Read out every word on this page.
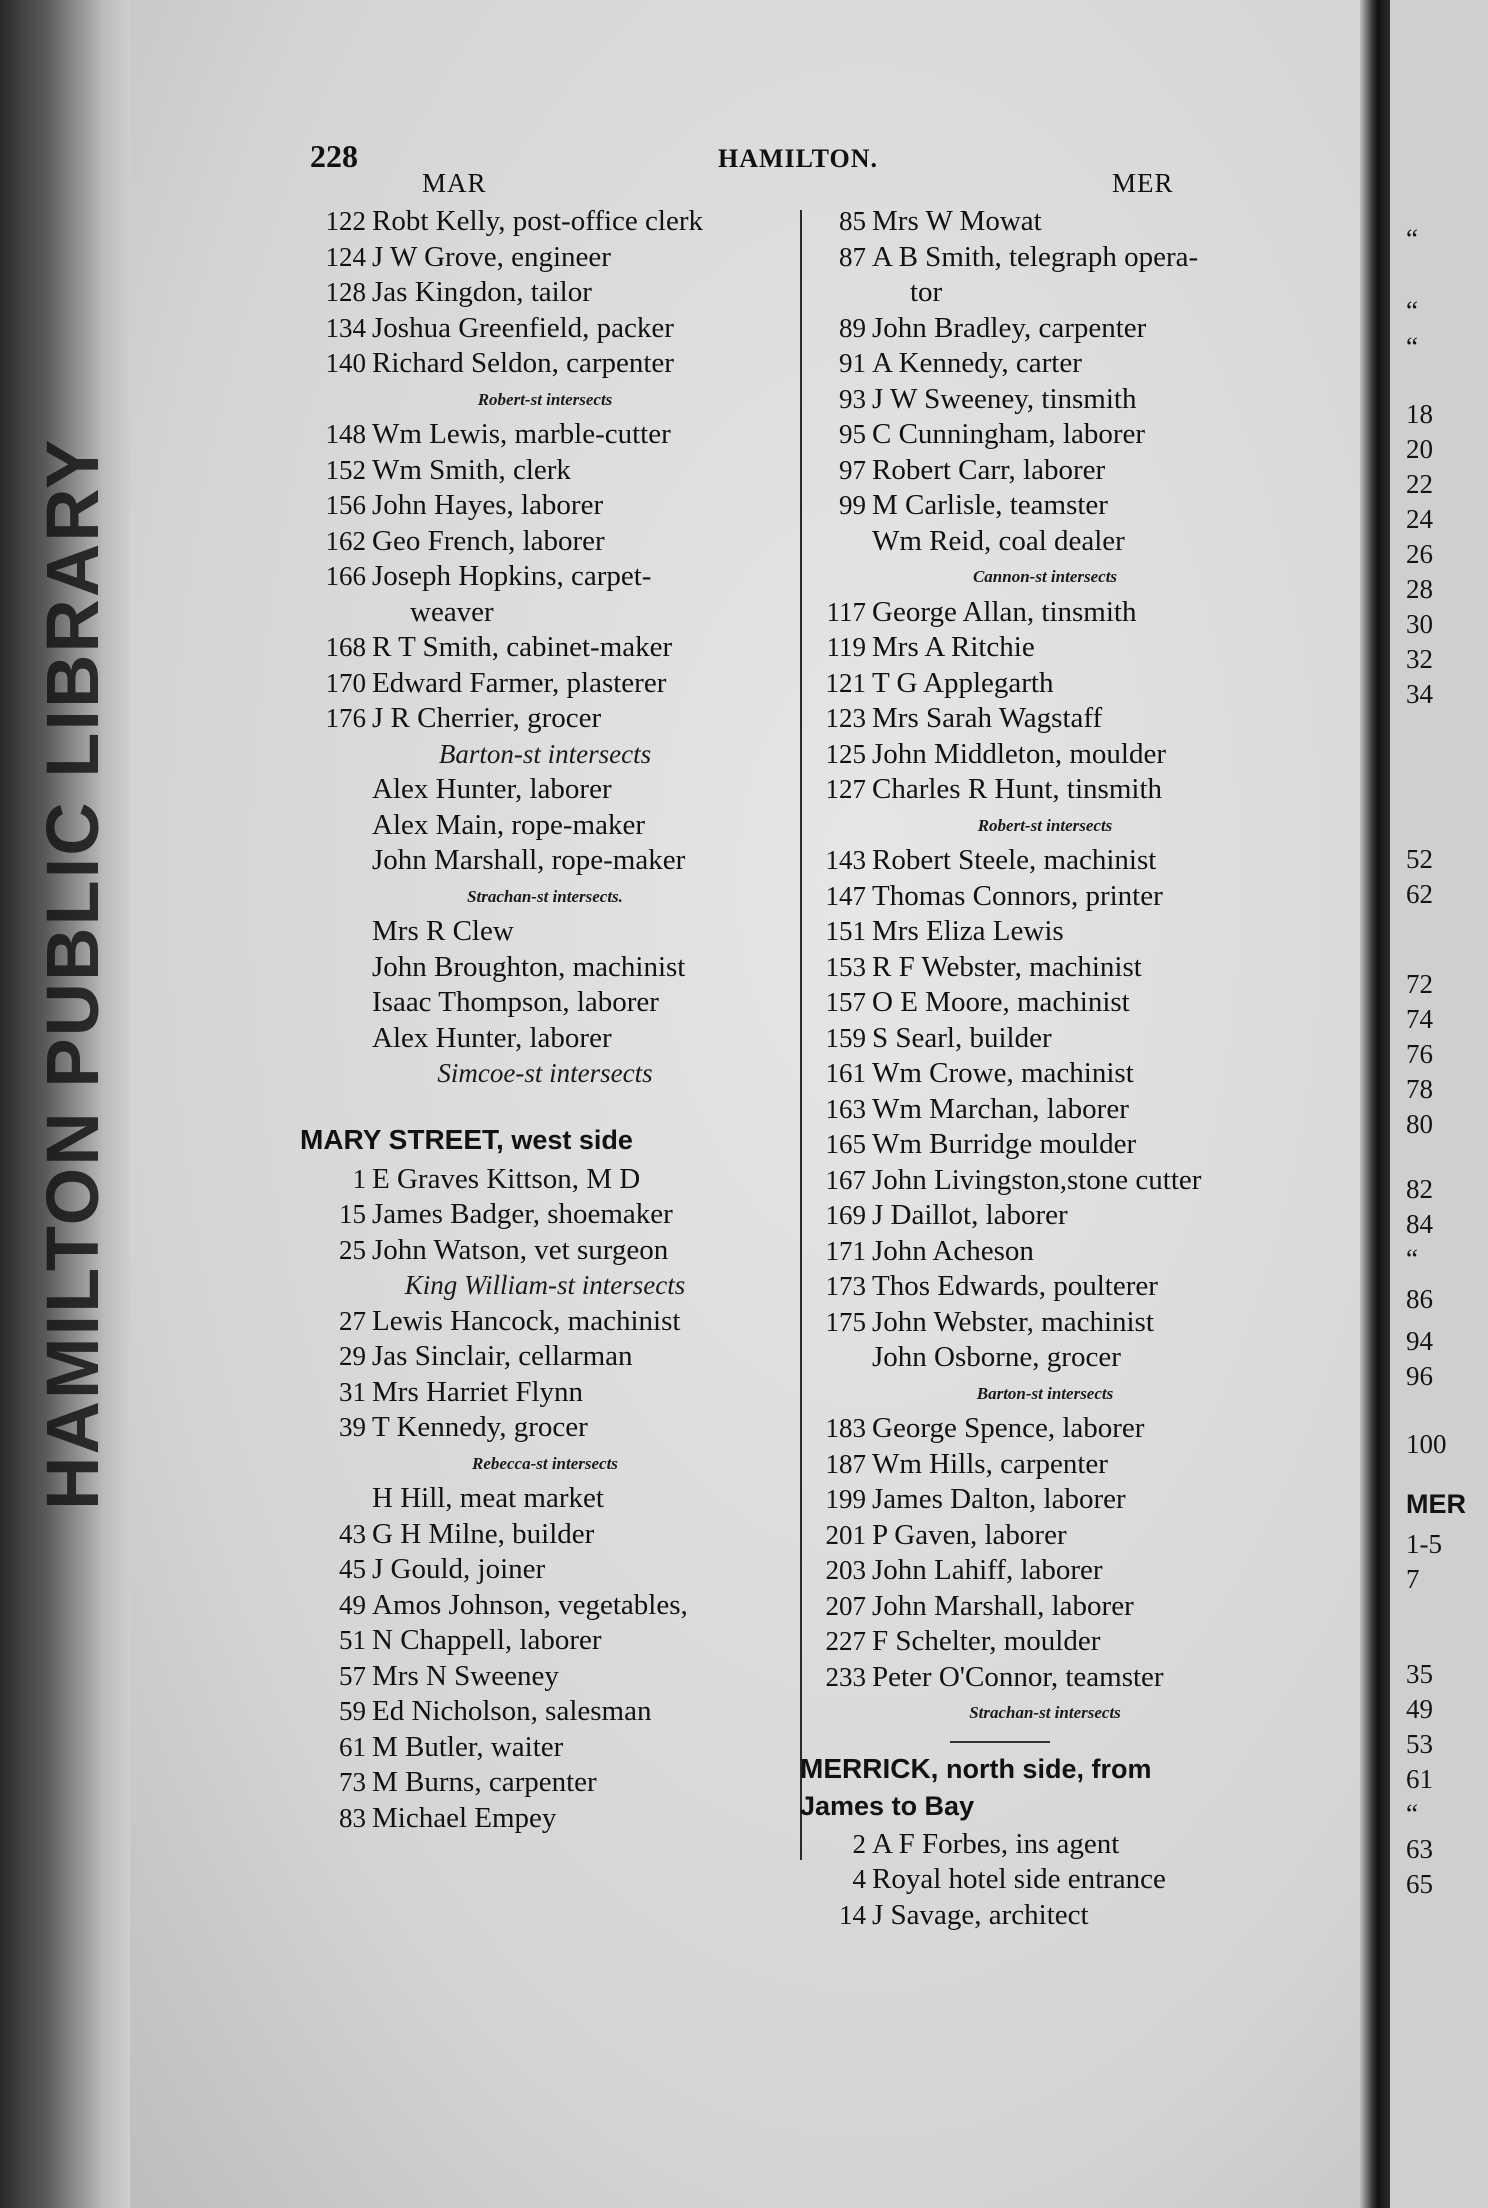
228	HAMILTON.
MAR	MER
122 Robt Kelly, post-office clerk
124 J W Grove, engineer
128 Jas Kingdon, tailor
134 Joshua Greenfield, packer
140 Richard Seldon, carpenter
Robert-st intersects
148 Wm Lewis, marble-cutter
152 Wm Smith, clerk
156 John Hayes, laborer
162 Geo French, laborer
166 Joseph Hopkins, carpet-
weaver
168 R T Smith, cabinet-maker
170 Edward Farmer, plasterer
176 J R Cherrier, grocer
Barton-st intersects
Alex Hunter, laborer
Alex Main, rope-maker
John Marshall, rope-maker
Strachan-st intersects.
Mrs R Clew
John Broughton, machinist
Isaac Thompson, laborer
Alex Hunter, laborer
Simcoe-st intersects
MARY STREET, west side
1 E Graves Kittson, M D
15 James Badger, shoemaker
25 John Watson, vet surgeon
King William-st intersects
27 Lewis Hancock, machinist
29 Jas Sinclair, cellarman
31 Mrs Harriet Flynn
39 T Kennedy, grocer
Rebecca-st intersects
H Hill, meat market
43 G H Milne, builder
45 J Gould, joiner
49 Amos Johnson, vegetables,
51 N Chappell, laborer
57 Mrs N Sweeney
59 Ed Nicholson, salesman
61 M Butler, waiter
73 M Burns, carpenter
83 Michael Empey
85 Mrs W Mowat
87 A B Smith, telegraph opera-
tor
89 John Bradley, carpenter
91 A Kennedy, carter
93 J W Sweeney, tinsmith
95 C Cunningham, laborer
97 Robert Carr, laborer
99 M Carlisle, teamster
Wm Reid, coal dealer
Cannon-st intersects
117 George Allan, tinsmith
119 Mrs A Ritchie
121 T G Applegarth
123 Mrs Sarah Wagstaff
125 John Middleton, moulder
127 Charles R Hunt, tinsmith
Robert-st intersects
143 Robert Steele, machinist
147 Thomas Connors, printer
151 Mrs Eliza Lewis
153 R F Webster, machinist
157 O E Moore, machinist
159 S Searl, builder
161 Wm Crowe, machinist
163 Wm Marchan, laborer
165 Wm Burridge moulder
167 John Livingston,stone cutter
169 J Daillot, laborer
171 John Acheson
173 Thos Edwards, poulterer
175 John Webster, machinist
John Osborne, grocer
Barton-st intersects
183 George Spence, laborer
187 Wm Hills, carpenter
199 James Dalton, laborer
201 P Gaven, laborer
203 John Lahiff, laborer
207 John Marshall, laborer
227 F Schelter, moulder
233 Peter O'Connor, teamster
Strachan-st intersects
MERRICK, north side, from
James to Bay
2 A F Forbes, ins agent
4 Royal hotel side entrance
14 J Savage, architect
“
“
“
18
20
22
24
26
28
30
32
34
52
62
72
74
76
78
80
82
84
“
86
94
96
100
MER
1-5
7
35
49
53
61
“
63
65
